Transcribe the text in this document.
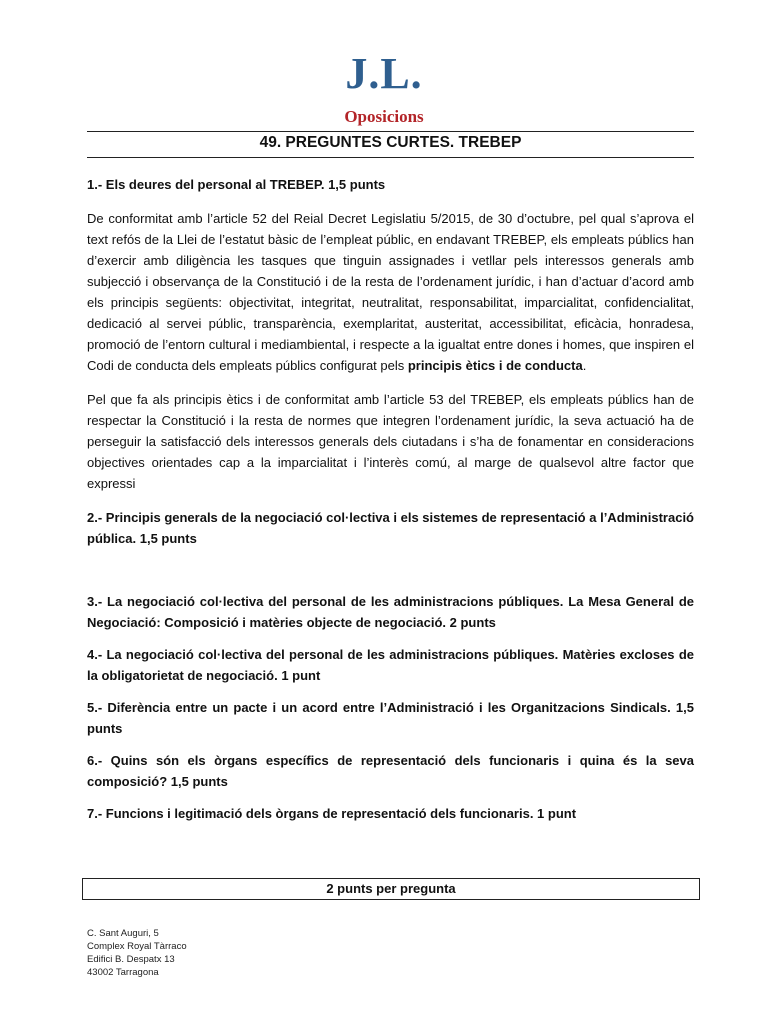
J.L.
Oposicions
49. PREGUNTES CURTES. TREBEP

1.- Els deures del personal al TREBEP. 1,5 punts

De conformitat amb l’article 52 del Reial Decret Legislatiu 5/2015, de 30 d’octubre, pel qual s’aprova el text refós de la Llei de l’estatut bàsic de l’empleat públic, en endavant TREBEP, els empleats públics han d’exercir amb diligència les tasques que tinguin assignades i vetllar pels interessos generals amb subjecció i observança de la Constitució i de la resta de l’ordenament jurídic, i han d’actuar d’acord amb els principis següents: objectivitat, integritat, neutralitat, responsabilitat, imparcialitat, confidencialitat, dedicació al servei públic, transparència, exemplaritat, austeritat, accessibilitat, eficàcia, honradesa, promoció de l’entorn cultural i mediambiental, i respecte a la igualtat entre dones i homes, que inspiren el Codi de conducta dels empleats públics configurat pels principis ètics i de conducta.

Pel que fa als principis ètics i de conformitat amb l’article 53 del TREBEP, els empleats públics han de respectar la Constitució i la resta de normes que integren l’ordenament jurídic, la seva actuació ha de perseguir la satisfacció dels interessos generals dels ciutadans i s’ha de fonamentar en consideracions objectives orientades cap a la imparcialitat i l’interès comú, al marge de qualsevol altre factor que expressi

2.- Principis generals de la negociació col·lectiva i els sistemes de representació a l’Administració pública. 1,5 punts

3.- La negociació col·lectiva del personal de les administracions públiques. La Mesa General de Negociació: Composició i matèries objecte de negociació. 2 punts

4.- La negociació col·lectiva del personal de les administracions públiques. Matèries excloses de la obligatorietat de negociació. 1 punt

5.- Diferència entre un pacte i un acord entre l’Administració i les Organitzacions Sindicals. 1,5 punts

6.- Quins són els òrgans específics de representació dels funcionaris i quina és la seva composició? 1,5 punts

7.- Funcions i legitimació dels òrgans de representació dels funcionaris. 1 punt

2 punts per pregunta
C. Sant Auguri, 5
Complex Royal Tàrraco
Edifici B. Despatx 13
43002 Tarragona
